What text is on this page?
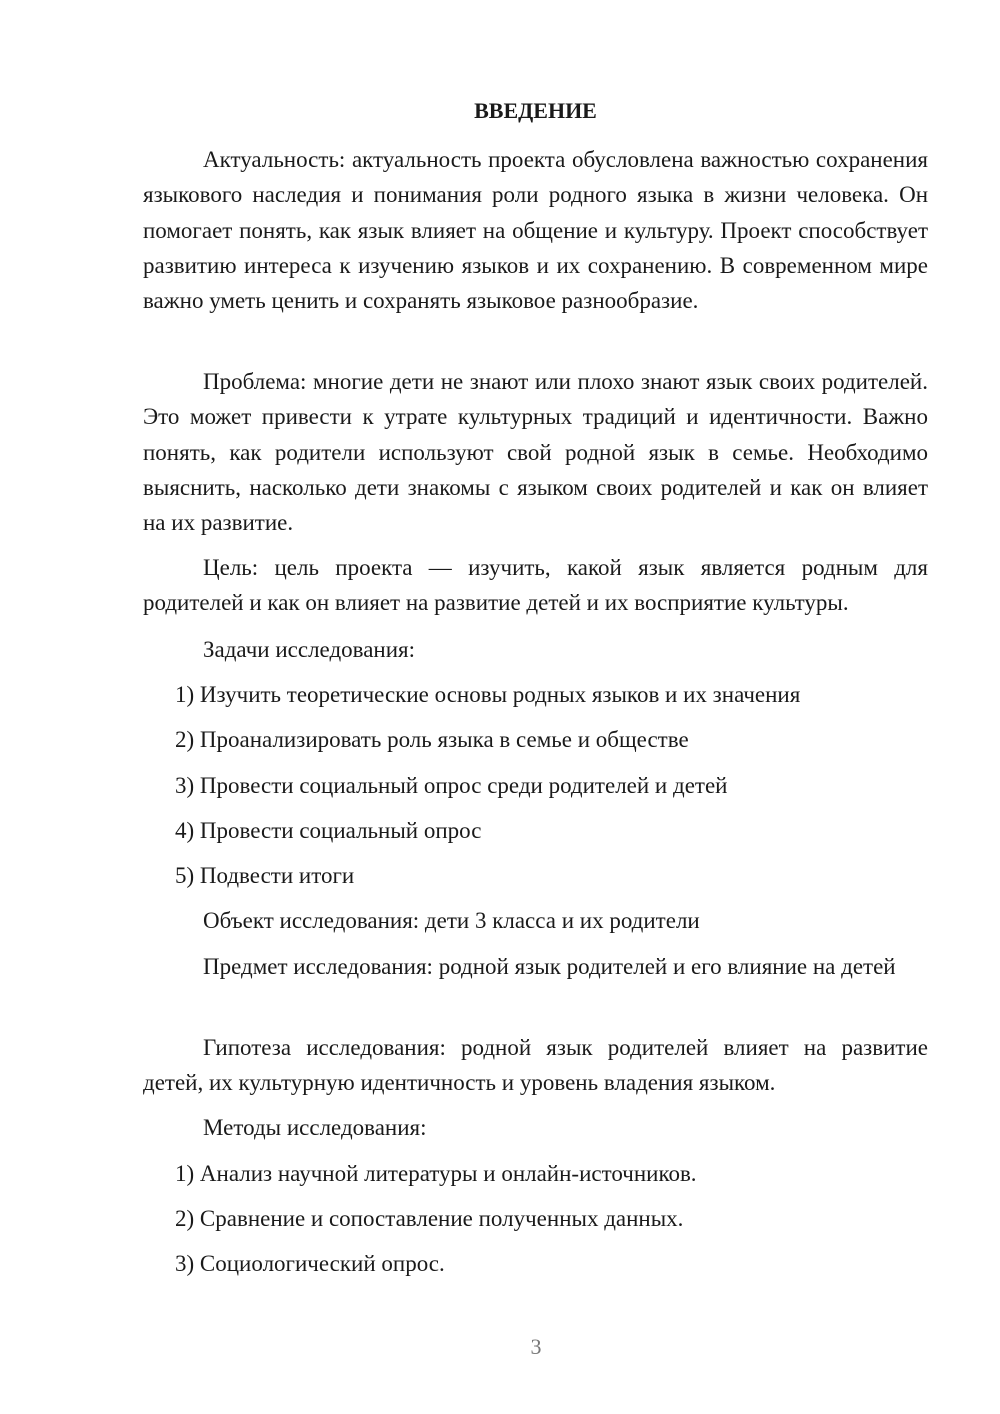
ВВЕДЕНИЕ

Актуальность: актуальность проекта обусловлена важностью сохранения языкового наследия и понимания роли родного языка в жизни человека. Он помогает понять, как язык влияет на общение и культуру. Проект способствует развитию интереса к изучению языков и их сохранению. В современном мире важно уметь ценить и сохранять языковое разнообразие.

Проблема: многие дети не знают или плохо знают язык своих родителей. Это может привести к утрате культурных традиций и идентичности. Важно понять, как родители используют свой родной язык в семье. Необходимо выяснить, насколько дети знакомы с языком своих родителей и как он влияет на их развитие.

Цель: цель проекта — изучить, какой язык является родным для родителей и как он влияет на развитие детей и их восприятие культуры.

Задачи исследования:
1) Изучить теоретические основы родных языков и их значения
2) Проанализировать роль языка в семье и обществе
3) Провести социальный опрос среди родителей и детей
4) Провести социальный опрос
5) Подвести итоги
Объект исследования: дети 3 класса и их родители

Предмет исследования: родной язык родителей и его влияние на детей

Гипотеза исследования: родной язык родителей влияет на развитие детей, их культурную идентичность и уровень владения языком.

Методы исследования:
1) Анализ научной литературы и онлайн-источников.
2) Сравнение и сопоставление полученных данных.
3) Социологический опрос.
3
